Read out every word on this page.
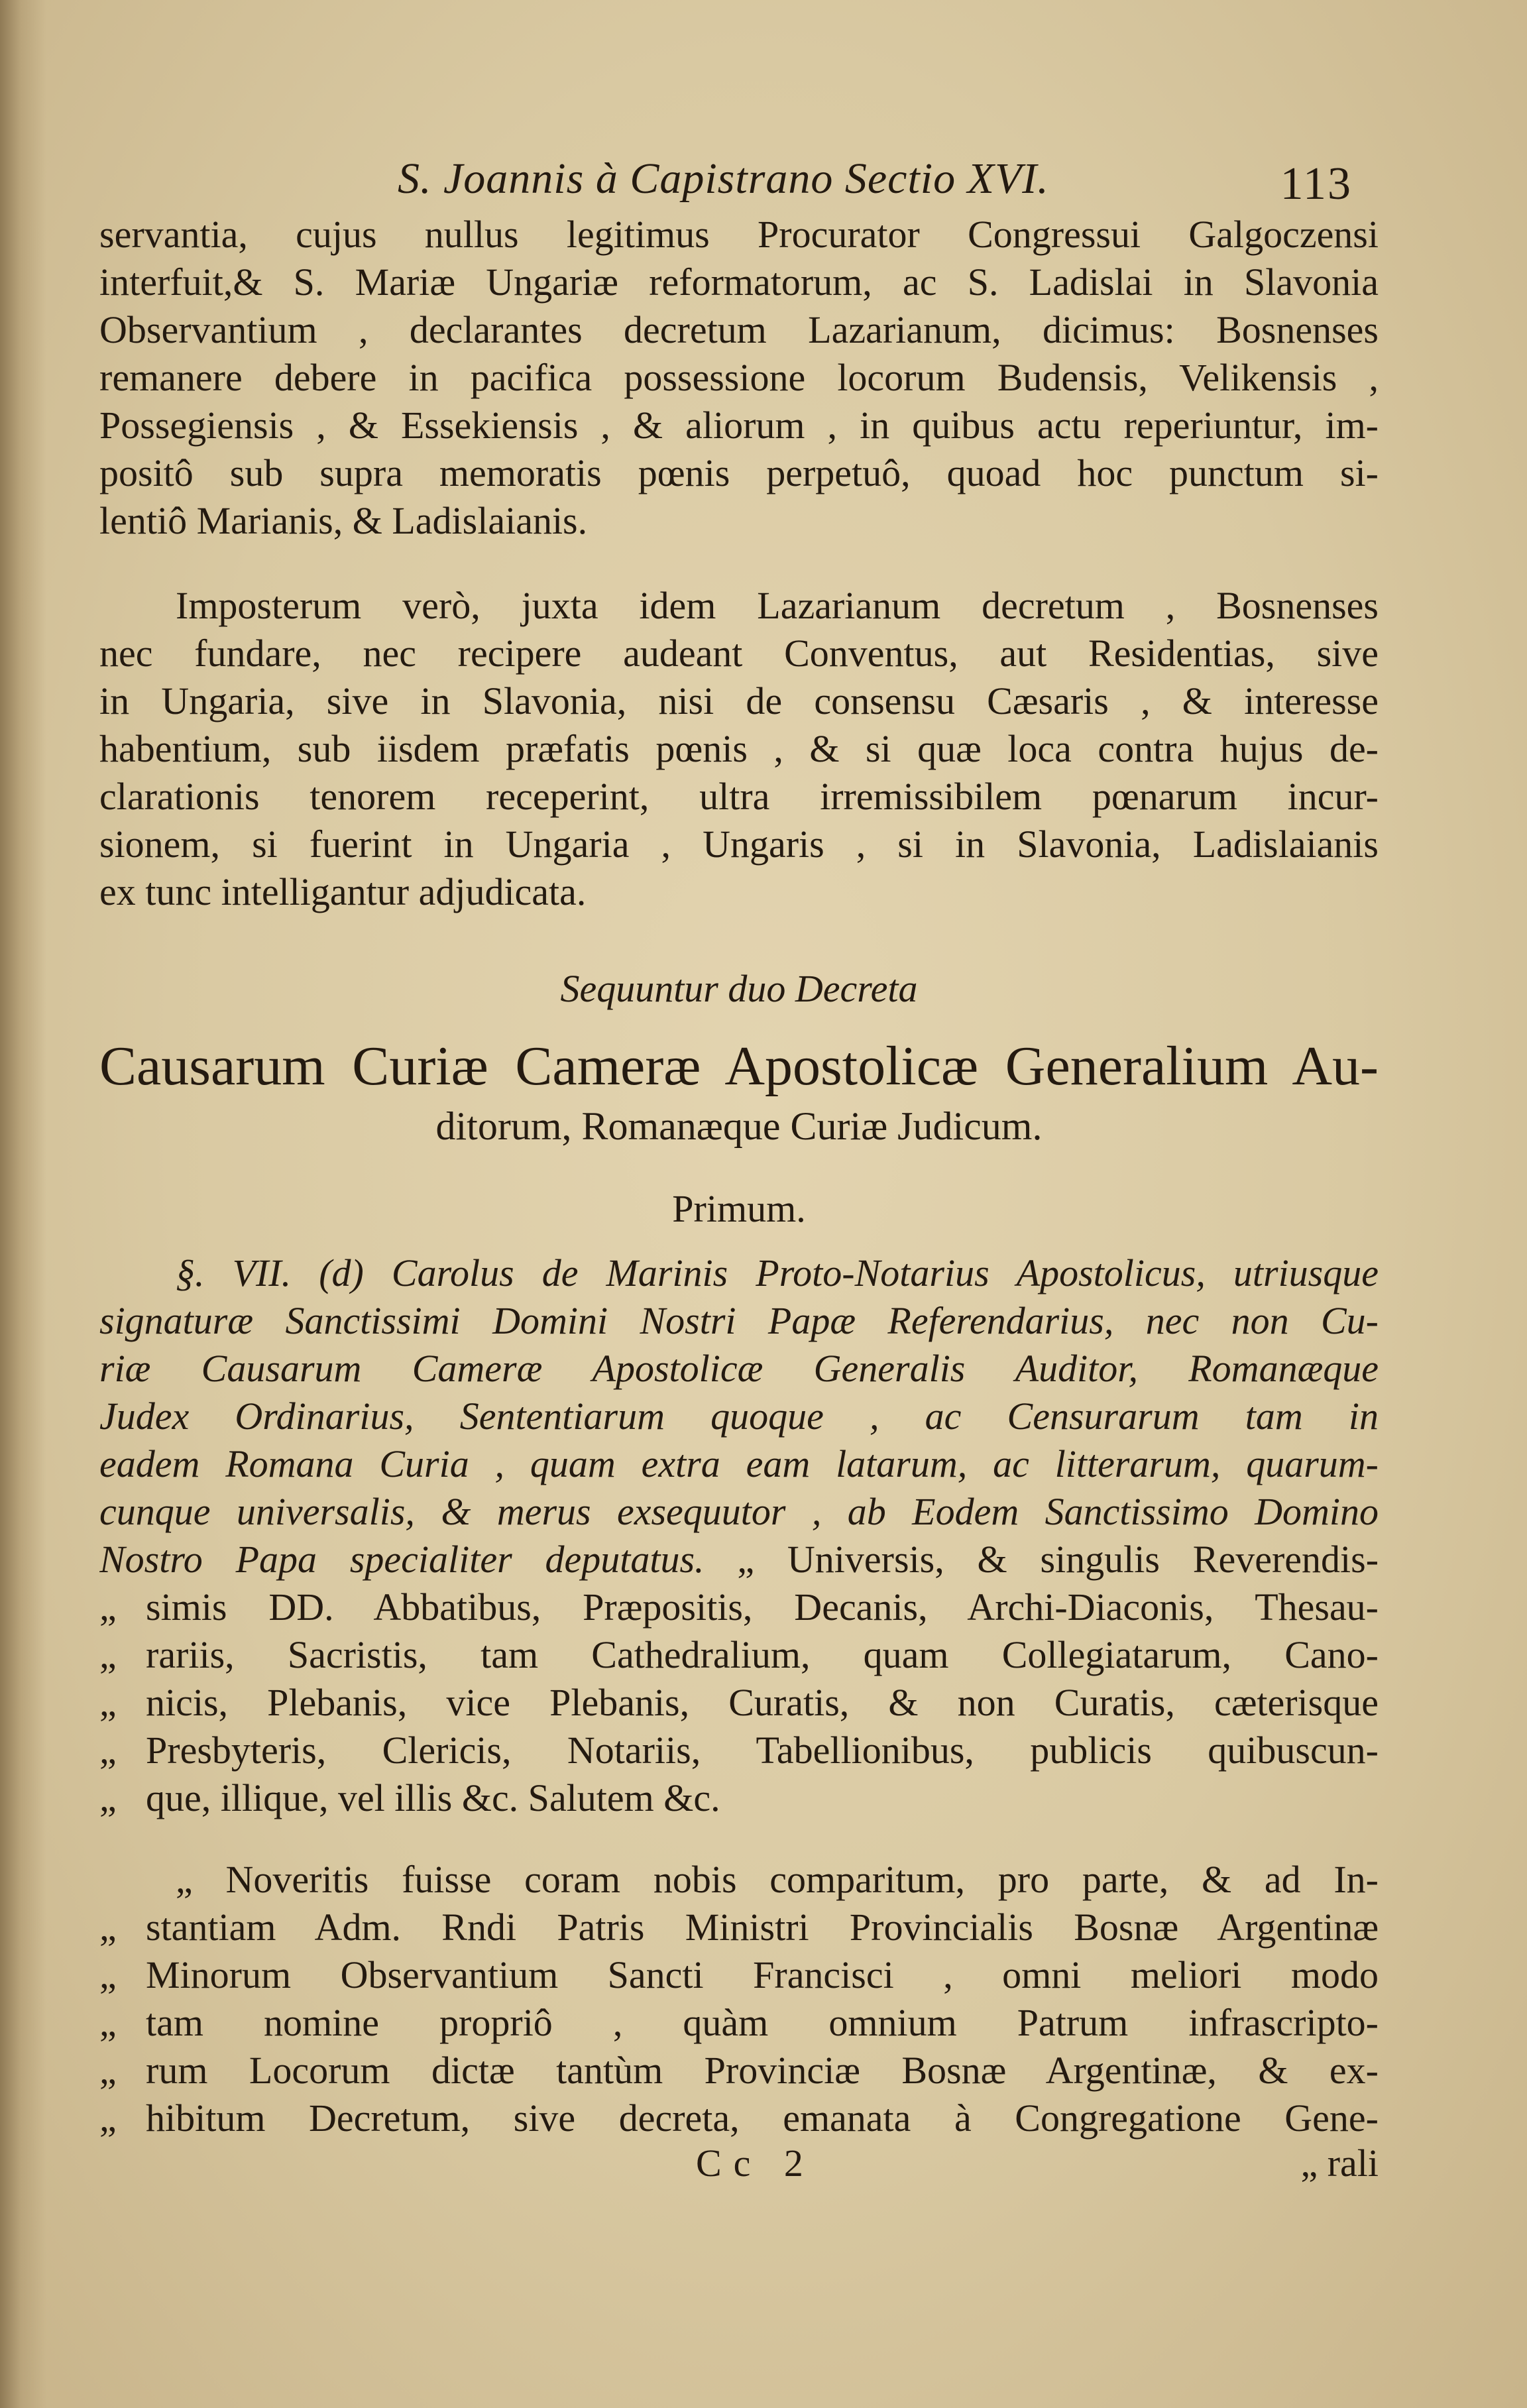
S. Joannis à Capistrano Sectio XVI.	113
servantia, cujus nullus legitimus Procurator Congressui Galgoczensi
interfuit,& S. Mariæ Ungariæ reformatorum, ac S. Ladislai in Slavonia
Observantium , declarantes decretum Lazarianum, dicimus: Bosnenses
remanere debere in pacifica possessione locorum Budensis, Velikensis ,
Possegiensis , & Essekiensis , & aliorum , in quibus actu reperiuntur, im-
positô sub supra memoratis pœnis perpetuô, quoad hoc punctum si-
lentiô Marianis, & Ladislaianis.
Imposterum verò, juxta idem Lazarianum decretum , Bosnenses
nec fundare, nec recipere audeant Conventus, aut Residentias, sive
in Ungaria, sive in Slavonia, nisi de consensu Cæsaris , & interesse
habentium, sub iisdem præfatis pœnis , & si quæ loca contra hujus de-
clarationis tenorem receperint, ultra irremissibilem pœnarum incur-
sionem, si fuerint in Ungaria , Ungaris , si in Slavonia, Ladislaianis
ex tunc intelligantur adjudicata.
Sequuntur duo Decreta
Causarum Curiæ Cameræ Apostolicæ Generalium Au-
ditorum, Romanæque Curiæ Judicum.
Primum.
§. VII. (d) Carolus de Marinis Proto-Notarius Apostolicus, utriusque
signaturæ Sanctissimi Domini Nostri Papæ Referendarius, nec non Cu-
riæ Causarum Cameræ Apostolicæ Generalis Auditor, Romanæque
Judex Ordinarius, Sententiarum quoque , ac Censurarum tam in
eadem Romana Curia , quam extra eam latarum, ac litterarum, quarum-
cunque universalis, & merus exsequutor , ab Eodem Sanctissimo Domino
Nostro Papa specialiter deputatus. „ Universis, & singulis Reverendis-
„ simis DD. Abbatibus, Præpositis, Decanis, Archi-Diaconis, Thesau-
„ rariis, Sacristis, tam Cathedralium, quam Collegiatarum, Cano-
„ nicis, Plebanis, vice Plebanis, Curatis, & non Curatis, cæterisque
„ Presbyteris, Clericis, Notariis, Tabellionibus, publicis quibuscun-
„ que, illique, vel illis &c. Salutem &c.
„ Noveritis fuisse coram nobis comparitum, pro parte, & ad In-
„ stantiam Adm. Rndi Patris Ministri Provincialis Bosnæ Argentinæ
„ Minorum Observantium Sancti Francisci , omni meliori modo
„ tam nomine propriô , quàm omnium Patrum infrascripto-
„ rum Locorum dictæ tantùm Provinciæ Bosnæ Argentinæ, & ex-
„ hibitum Decretum, sive decreta, emanata à Congregatione Gene-
Cc 2	„ rali
